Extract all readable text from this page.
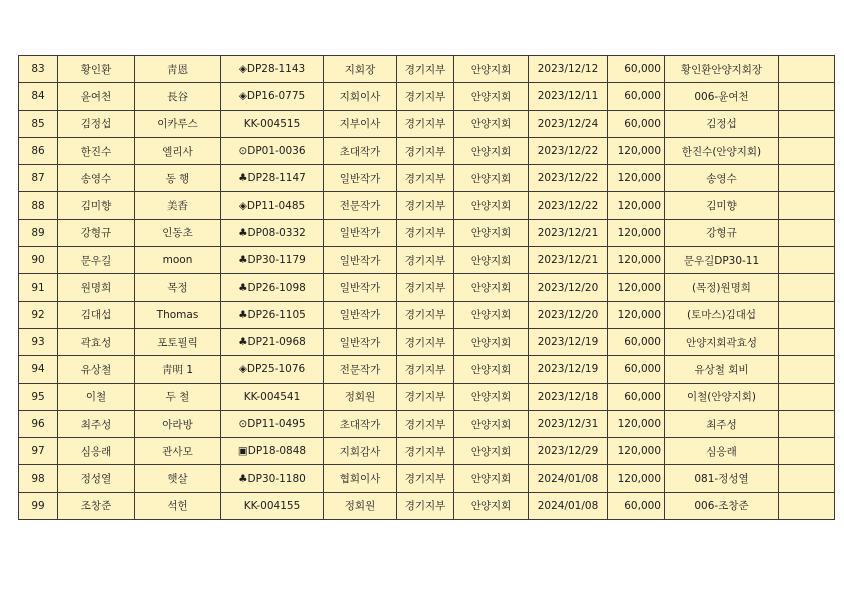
83	황인환	靑恩	◈DP28-1143	지회장	경기지부	안양지회	2023/12/12	60,000	황인환안양지회장	
84	윤여천	長谷	◈DP16-0775	지회이사	경기지부	안양지회	2023/12/11	60,000	006-윤여천	
85	김정섭	이카루스	KK-004515	지부이사	경기지부	안양지회	2023/12/24	60,000	김정섭	
86	한진수	엘리사	⊙DP01-0036	초대작가	경기지부	안양지회	2023/12/22	120,000	한진수(안양지회)	
87	송영수	동 행	♣DP28-1147	일반작가	경기지부	안양지회	2023/12/22	120,000	송영수	
88	김미향	美香	◈DP11-0485	전문작가	경기지부	안양지회	2023/12/22	120,000	김미향	
89	강형규	인동초	♣DP08-0332	일반작가	경기지부	안양지회	2023/12/21	120,000	강형규	
90	문우길	moon	♣DP30-1179	일반작가	경기지부	안양지회	2023/12/21	120,000	문우길DP30-11	
91	원명희	목정	♣DP26-1098	일반작가	경기지부	안양지회	2023/12/20	120,000	(목정)원명희	
92	김대섭	Thomas	♣DP26-1105	일반작가	경기지부	안양지회	2023/12/20	120,000	(토마스)김대섭	
93	곽효성	포토필릭	♣DP21-0968	일반작가	경기지부	안양지회	2023/12/19	60,000	안양지회곽효성	
94	유상철	靑明 1	◈DP25-1076	전문작가	경기지부	안양지회	2023/12/19	60,000	유상철 회비	
95	이철	두 철	KK-004541	정회원	경기지부	안양지회	2023/12/18	60,000	이철(안양지회)	
96	최주성	아라방	⊙DP11-0495	초대작가	경기지부	안양지회	2023/12/31	120,000	최주성	
97	심응래	관사모	▣DP18-0848	지회감사	경기지부	안양지회	2023/12/29	120,000	심응래	
98	정성열	햇살	♣DP30-1180	협회이사	경기지부	안양지회	2024/01/08	120,000	081-정성열	
99	조창준	석헌	KK-004155	정회원	경기지부	안양지회	2024/01/08	60,000	006-조창준	
